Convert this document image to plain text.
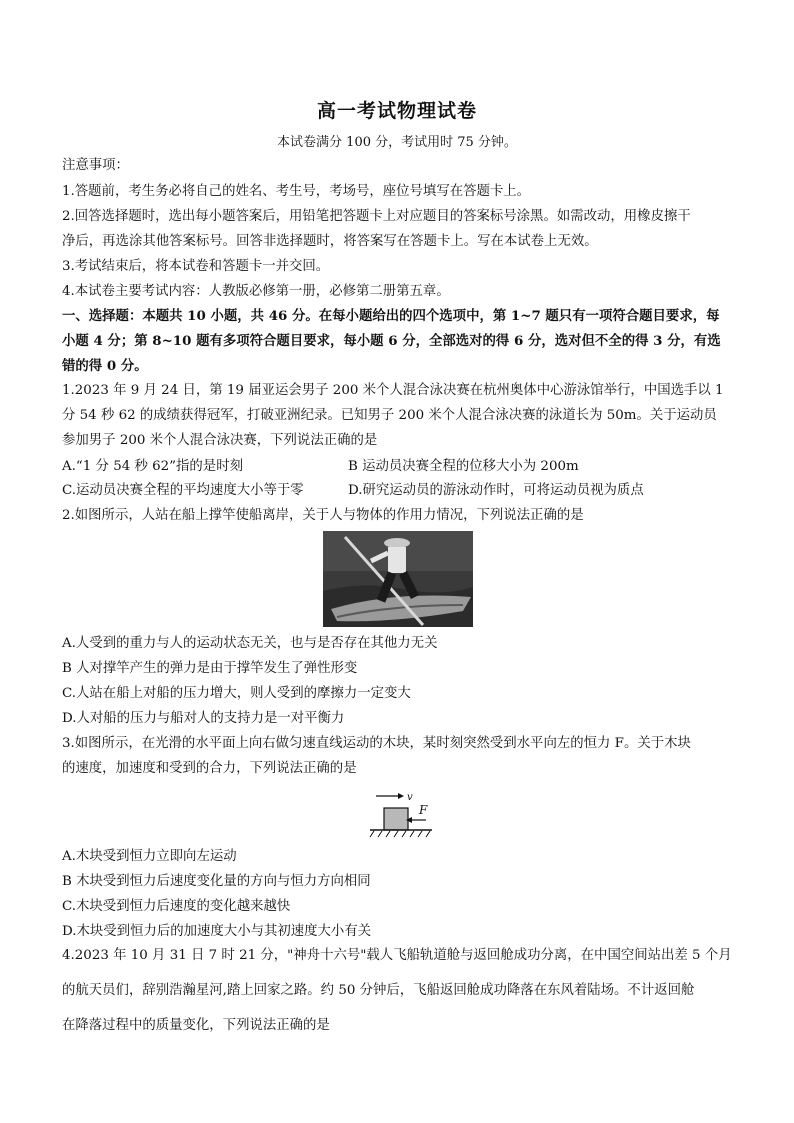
高一考试物理试卷
本试卷满分 100 分，考试用时 75 分钟。
注意事项：
1.答题前，考生务必将自己的姓名、考生号，考场号，座位号填写在答题卡上。
2.回答选择题时，选出每小题答案后，用铅笔把答题卡上对应题目的答案标号涂黑。如需改动，用橡皮擦干
净后，再选涂其他答案标号。回答非选择题时，将答案写在答题卡上。写在本试卷上无效。
3.考试结束后，将本试卷和答题卡一并交回。
4.本试卷主要考试内容：人教版必修第一册，必修第二册第五章。
一、选择题：本题共 10 小题，共 46 分。在每小题给出的四个选项中，第 1~7 题只有一项符合题目要求，每
小题 4 分；第 8~10 题有多项符合题目要求，每小题 6 分，全部选对的得 6 分，选对但不全的得 3 分，有选
错的得 0 分。
1.2023 年 9 月 24 日，第 19 届亚运会男子 200 米个人混合泳决赛在杭州奥体中心游泳馆举行，中国选手以 1
分 54 秒 62 的成绩获得冠军，打破亚洲纪录。已知男子 200 米个人混合泳决赛的泳道长为 50m。关于运动员
参加男子 200 米个人混合泳决赛，下列说法正确的是
A.“1 分 54 秒 62”指的是时刻	B 运动员决赛全程的位移大小为 200m
C.运动员决赛全程的平均速度大小等于零	D.研究运动员的游泳动作时，可将运动员视为质点
2.如图所示，人站在船上撑竿使船离岸，关于人与物体的作用力情况，下列说法正确的是
A.人受到的重力与人的运动状态无关，也与是否存在其他力无关
B 人对撑竿产生的弹力是由于撑竿发生了弹性形变
C.人站在船上对船的压力增大，则人受到的摩擦力一定变大
D.人对船的压力与船对人的支持力是一对平衡力
3.如图所示，在光滑的水平面上向右做匀速直线运动的木块，某时刻突然受到水平向左的恒力 F。关于木块
的速度，加速度和受到的合力，下列说法正确的是
v
F
A.木块受到恒力立即向左运动
B 木块受到恒力后速度变化量的方向与恒力方向相同
C.木块受到恒力后速度的变化越来越快
D.木块受到恒力后的加速度大小与其初速度大小有关
4.2023 年 10 月 31 日 7 时 21 分，"神舟十六号"载人飞船轨道舱与返回舱成功分离，在中国空间站出差 5 个月
的航天员们，辞别浩瀚星河,踏上回家之路。约 50 分钟后，飞船返回舱成功降落在东风着陆场。不计返回舱
在降落过程中的质量变化，下列说法正确的是
